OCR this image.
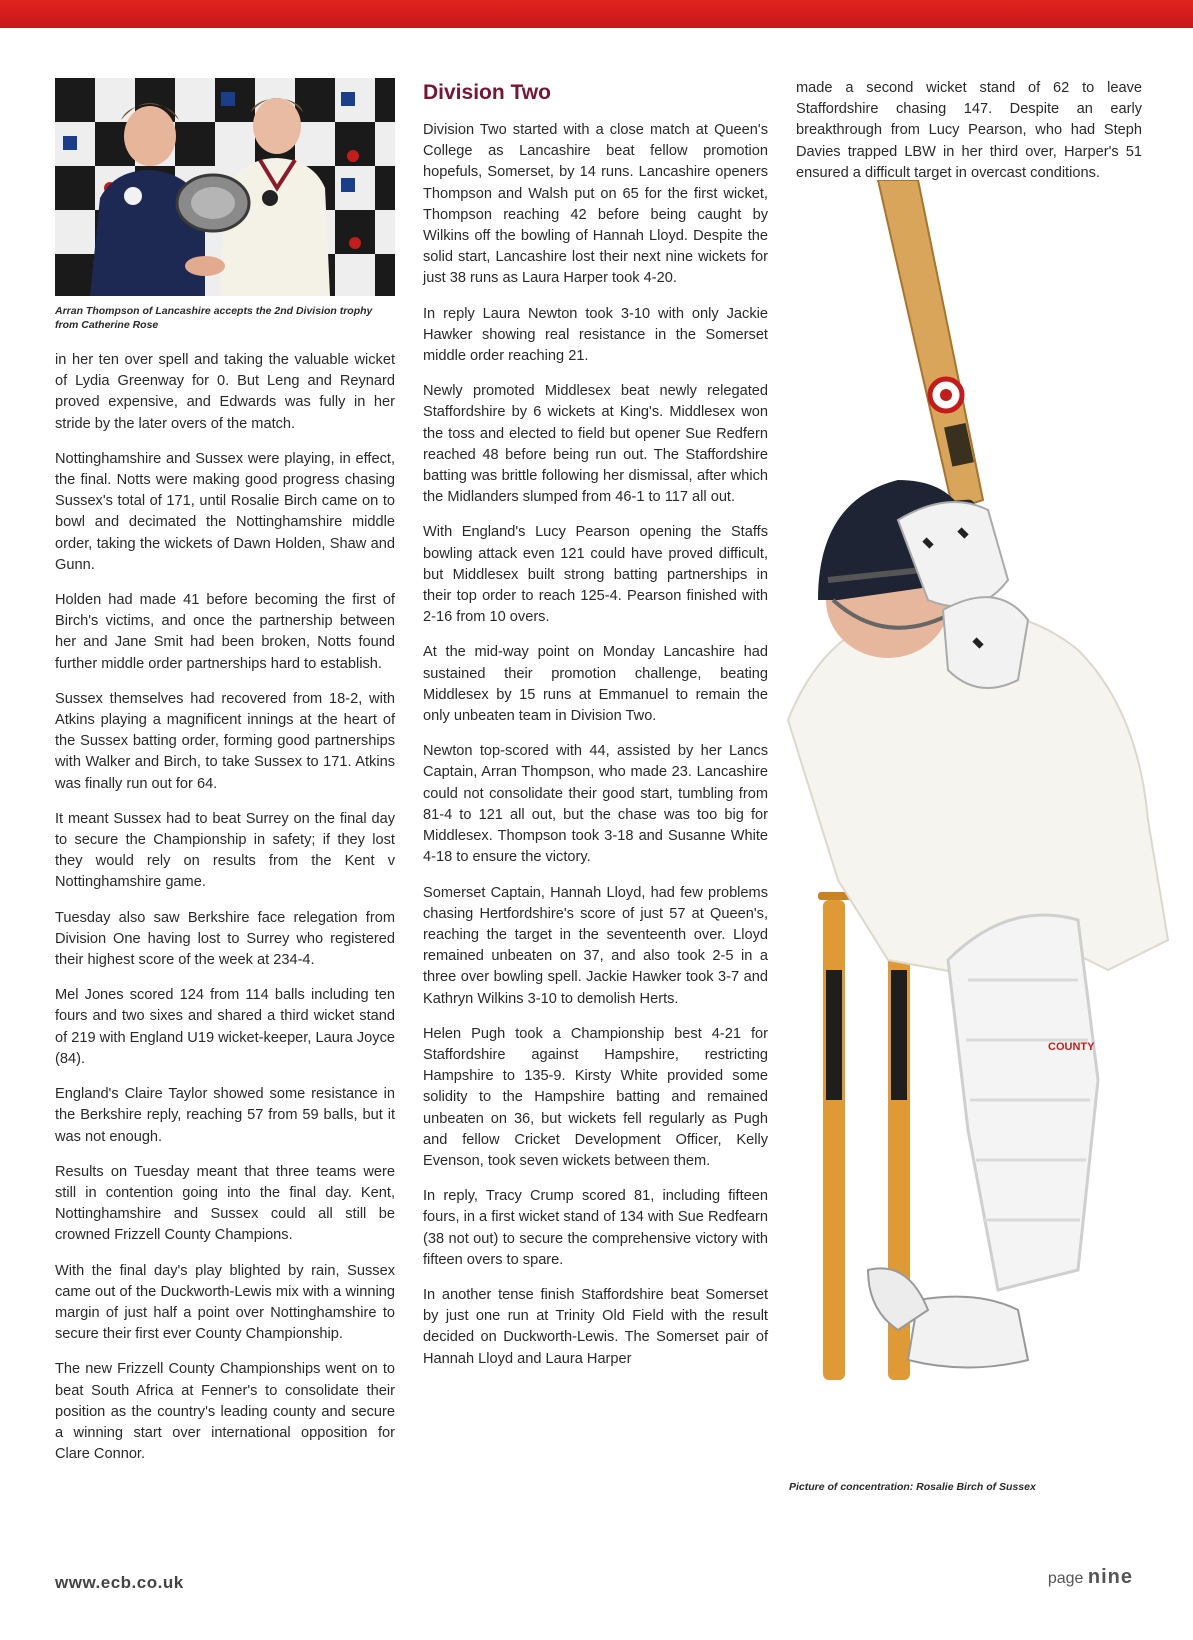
Arran Thompson of Lancashire accepts the 2nd Division trophy from Catherine Rose

in her ten over spell and taking the valuable wicket of Lydia Greenway for 0. But Leng and Reynard proved expensive, and Edwards was fully in her stride by the later overs of the match.

Nottinghamshire and Sussex were playing, in effect, the final. Notts were making good progress chasing Sussex's total of 171, until Rosalie Birch came on to bowl and decimated the Nottinghamshire middle order, taking the wickets of Dawn Holden, Shaw and Gunn.

Holden had made 41 before becoming the first of Birch's victims, and once the partnership between her and Jane Smit had been broken, Notts found further middle order partnerships hard to establish.

Sussex themselves had recovered from 18-2, with Atkins playing a magnificent innings at the heart of the Sussex batting order, forming good partnerships with Walker and Birch, to take Sussex to 171. Atkins was finally run out for 64.

It meant Sussex had to beat Surrey on the final day to secure the Championship in safety; if they lost they would rely on results from the Kent v Nottinghamshire game.

Tuesday also saw Berkshire face relegation from Division One having lost to Surrey who registered their highest score of the week at 234-4.

Mel Jones scored 124 from 114 balls including ten fours and two sixes and shared a third wicket stand of 219 with England U19 wicket-keeper, Laura Joyce (84).

England's Claire Taylor showed some resistance in the Berkshire reply, reaching 57 from 59 balls, but it was not enough.

Results on Tuesday meant that three teams were still in contention going into the final day. Kent, Nottinghamshire and Sussex could all still be crowned Frizzell County Champions.

With the final day's play blighted by rain, Sussex came out of the Duckworth-Lewis mix with a winning margin of just half a point over Nottinghamshire to secure their first ever County Championship.

The new Frizzell County Championships went on to beat South Africa at Fenner's to consolidate their position as the country's leading county and secure a winning start over international opposition for Clare Connor.

Division Two

Division Two started with a close match at Queen's College as Lancashire beat fellow promotion hopefuls, Somerset, by 14 runs. Lancashire openers Thompson and Walsh put on 65 for the first wicket, Thompson reaching 42 before being caught by Wilkins off the bowling of Hannah Lloyd. Despite the solid start, Lancashire lost their next nine wickets for just 38 runs as Laura Harper took 4-20.

In reply Laura Newton took 3-10 with only Jackie Hawker showing real resistance in the Somerset middle order reaching 21.

Newly promoted Middlesex beat newly relegated Staffordshire by 6 wickets at King's. Middlesex won the toss and elected to field but opener Sue Redfern reached 48 before being run out. The Staffordshire batting was brittle following her dismissal, after which the Midlanders slumped from 46-1 to 117 all out.

With England's Lucy Pearson opening the Staffs bowling attack even 121 could have proved difficult, but Middlesex built strong batting partnerships in their top order to reach 125-4. Pearson finished with 2-16 from 10 overs.

At the mid-way point on Monday Lancashire had sustained their promotion challenge, beating Middlesex by 15 runs at Emmanuel to remain the only unbeaten team in Division Two.

Newton top-scored with 44, assisted by her Lancs Captain, Arran Thompson, who made 23. Lancashire could not consolidate their good start, tumbling from 81-4 to 121 all out, but the chase was too big for Middlesex. Thompson took 3-18 and Susanne White 4-18 to ensure the victory.

Somerset Captain, Hannah Lloyd, had few problems chasing Hertfordshire's score of just 57 at Queen's, reaching the target in the seventeenth over. Lloyd remained unbeaten on 37, and also took 2-5 in a three over bowling spell. Jackie Hawker took 3-7 and Kathryn Wilkins 3-10 to demolish Herts.

Helen Pugh took a Championship best 4-21 for Staffordshire against Hampshire, restricting Hampshire to 135-9. Kirsty White provided some solidity to the Hampshire batting and remained unbeaten on 36, but wickets fell regularly as Pugh and fellow Cricket Development Officer, Kelly Evenson, took seven wickets between them.

In reply, Tracy Crump scored 81, including fifteen fours, in a first wicket stand of 134 with Sue Redfearn (38 not out) to secure the comprehensive victory with fifteen overs to spare.

In another tense finish Staffordshire beat Somerset by just one run at Trinity Old Field with the result decided on Duckworth-Lewis. The Somerset pair of Hannah Lloyd and Laura Harper

COUNTY

made a second wicket stand of 62 to leave Staffordshire chasing 147. Despite an early breakthrough from Lucy Pearson, who had Steph Davies trapped LBW in her third over, Harper's 51 ensured a difficult target in overcast conditions.

Picture of concentration: Rosalie Birch of Sussex
www.ecb.co.uk	page nine
